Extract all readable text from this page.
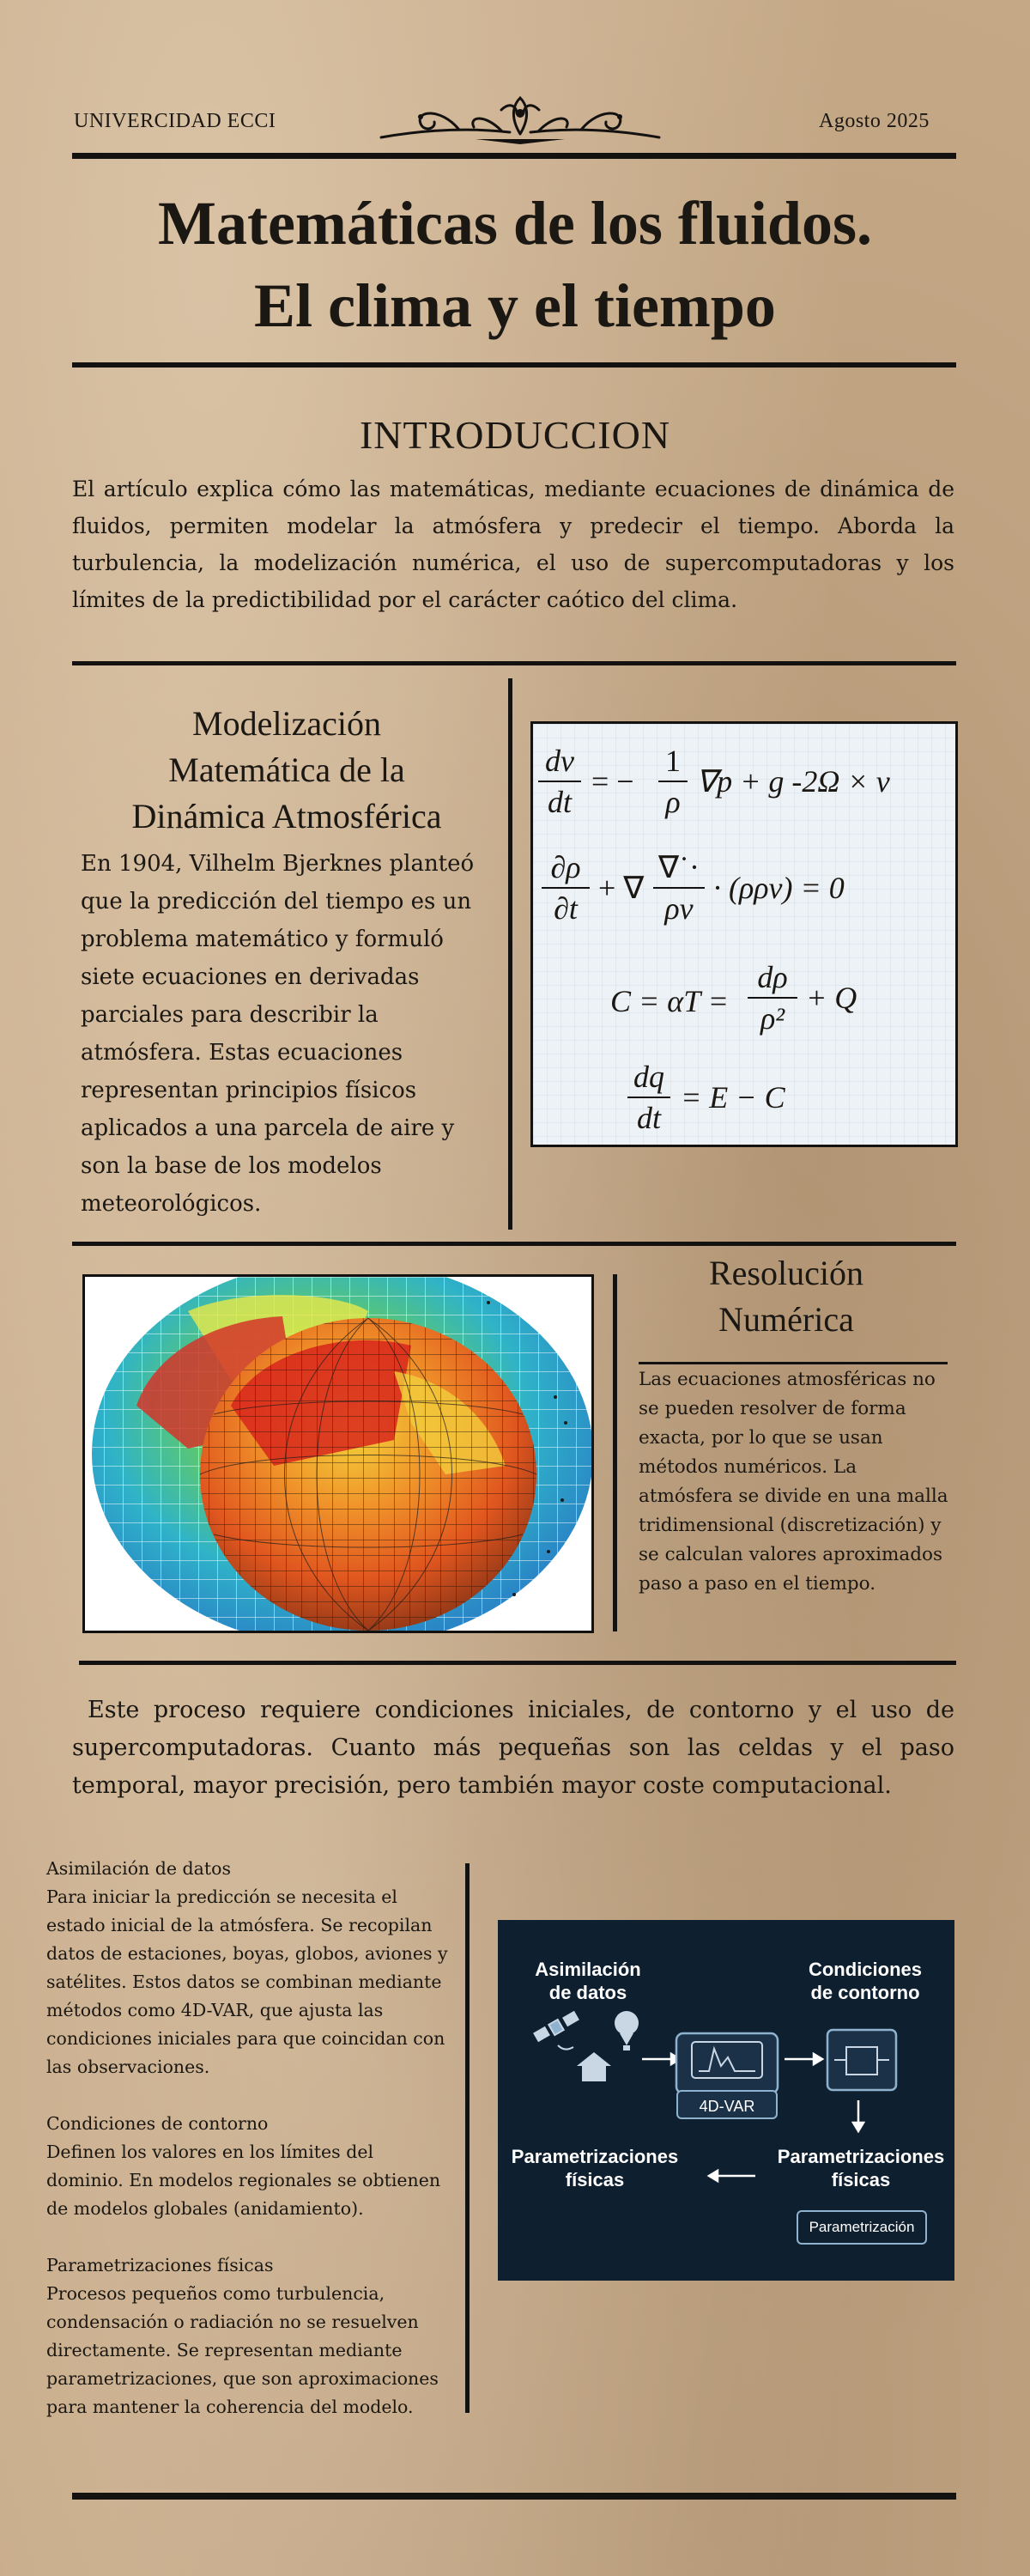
UNIVERCIDAD ECCI	Agosto 2025
Matemáticas de los fluidos.
El clima y el tiempo
INTRODUCCION
El artículo explica cómo las matemáticas, mediante ecuaciones de dinámica de fluidos, permiten modelar la atmósfera y predecir el tiempo. Aborda la turbulencia, la modelización numérica, el uso de supercomputadoras y los límites de la predictibilidad por el carácter caótico del clima.
Modelización
Matemática de la
Dinámica Atmosférica
En 1904, Vilhelm Bjerknes planteó que la predicción del tiempo es un problema matemático y formuló siete ecuaciones en derivadas parciales para describir la atmósfera. Estas ecuaciones representan principios físicos aplicados a una parcela de aire y son la base de los modelos meteorológicos.
dv
dt
= −
1
ρ
∇p + g -2Ω × v
∂ρ
∂t
+ ∇
∇˙·
ρν
· (ρρv) = 0
C = αT =
dρ
ρ²
+ Q
dq
dt
= E − C
Resolución
Numérica
Las ecuaciones atmosféricas no se pueden resolver de forma exacta, por lo que se usan métodos numéricos. La atmósfera se divide en una malla tridimensional (discretización) y se calculan valores aproximados paso a paso en el tiempo.
Este proceso requiere condiciones iniciales, de contorno y el uso de supercomputadoras. Cuanto más pequeñas son las celdas y el paso temporal, mayor precisión, pero también mayor coste computacional.
Asimilación de datos
Para iniciar la predicción se necesita el estado inicial de la atmósfera. Se recopilan datos de estaciones, boyas, globos, aviones y satélites. Estos datos se combinan mediante métodos como 4D-VAR, que ajusta las condiciones iniciales para que coincidan con las observaciones.
Condiciones de contorno
Definen los valores en los límites del dominio. En modelos regionales se obtienen de modelos globales (anidamiento).
Parametrizaciones físicas
Procesos pequeños como turbulencia, condensación o radiación no se resuelven directamente. Se representan mediante parametrizaciones, que son aproximaciones para mantener la coherencia del modelo.
Asimilación
de datos
Condiciones
de contorno
4D-VAR
Parametrizaciones
físicas
Parametrizaciones
físicas
Parametrización
